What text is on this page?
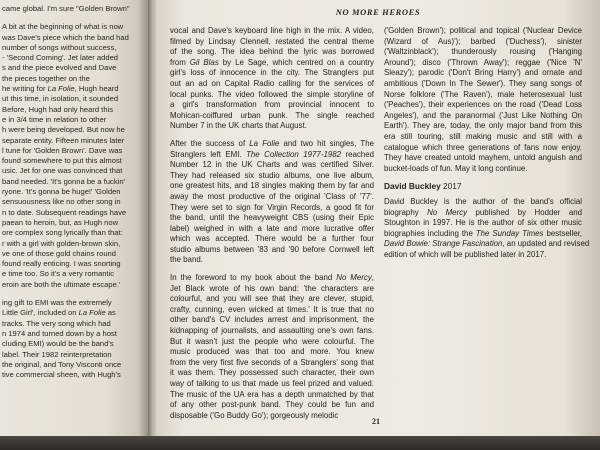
came global. I'm sure "Golden Brown"

A bit at the beginning of what is now
was Dave's piece which the band had
number of songs without success,
- 'Second Coming'. Jet later added
s and the piece evolved and Dave
the pieces together on the
he writing for La Folie, Hugh heard
ut this time, in isolation, it sounded
Before, Hugh had only heard this
e in 3/4 time in relation to other
h were being developed. But now he
separate entity. Fifteen minutes later
l tune for 'Golden Brown'. Dave was
found somewhere to put this almost
usic. Jet for one was convinced that
band needed. 'It's gonna be a fuckin'
ryone. 'It's gonna be huge!' 'Golden
sensuousness like no other song in
n to date. Subsequent readings have
paean to heroin, but, as Hugh now
ore complex song lyrically than that:
r with a girl with golden-brown skin,
ve one of those gold chains round
found really enticing. I was snorting
e time too. So it's a very romantic
eroin are both the ultimate escape.'

ing gift to EMI was the extremely
Little Girl', included on La Folie as
tracks. The very song which had
n 1974 and turned down by a host
cluding EMI) would be the band's
label. Their 1982 reinterpretation
the original, and Tony Visconti once
tive commercial sheen, with Hugh's

NO MORE HEROES

vocal and Dave's keyboard line high in the mix. A video,
filmed by Lindsay Clennell, restated the central theme
of the song. The idea behind the lyric was borrowed
from Gil Blas by Le Sage, which centred on a country
girl's loss of innocence in the city. The Stranglers put
out an ad on Capital Radio calling for the services of
local punks. The video followed the simple storyline of
a girl's transformation from provincial innocent to
Mohican-coiffured urban punk. The single reached
Number 7 in the UK charts that August.

After the success of La Folie and two hit singles, The
Stranglers left EMI. The Collection 1977-1982 reached
Number 12 in the UK Charts and was certified Silver.
They had released six studio albums, one live album,
one greatest hits, and 18 singles making them by far and
away the most productive of the original 'Class of '77'.
They were set to sign for Virgin Records, a good fit for
the band, until the heavyweight CBS (using their Epic
label) weighed in with a late and more lucrative offer
which was accepted. There would be a further four
studio albums between '83 and '90 before Cornwell left
the band.

In the foreword to my book about the band No Mercy,
Jet Black wrote of his own band: 'the characters are
colourful, and you will see that they are clever, stupid,
crafty, cunning, even wicked at times.' It is true that no
other band's CV includes arrest and imprisonment, the
kidnapping of journalists, and assaulting one's own fans.
But it wasn't just the people who were colourful. The
music produced was that too and more. You knew
from the very first five seconds of a Stranglers' song that
it was them. They possessed such character, their own
way of talking to us that made us feel prized and valued.
The music of the UA era has a depth unmatched by that
of any other post-punk band. They could be fun and
disposable ('Go Buddy Go'); gorgeously melodic

('Golden Brown'); political and topical ('Nuclear Device
(Wizard of Aus)'); barbed ('Duchess'), sinister
('Waltzinblack'); thunderously rousing ('Hanging
Around'); disco ('Thrown Away'); reggae ('Nice 'N'
Sleazy'); parodic ('Don't Bring Harry') and ornate and
ambitious ('Down In The Sewer'). They sang songs of
Norse folklore ('The Raven'), male heterosexual lust
('Peaches'), their experiences on the road ('Dead Loss
Angeles'), and the paranormal ('Just Like Nothing On
Earth'). They are, today, the only major band from this
era still touring, still making music and still with a
catalogue which three generations of fans now enjoy.
They have created untold mayhem, untold anguish and
bucket-loads of fun. May it long continue.

David Buckley 2017

David Buckley is the author of the band's official
biography No Mercy published by Hodder and
Stoughton in 1997. He is the author of six other music
biographies including the The Sunday Times bestseller,
David Bowie: Strange Fascination, an updated and revised
edition of which will be published later in 2017.

21
